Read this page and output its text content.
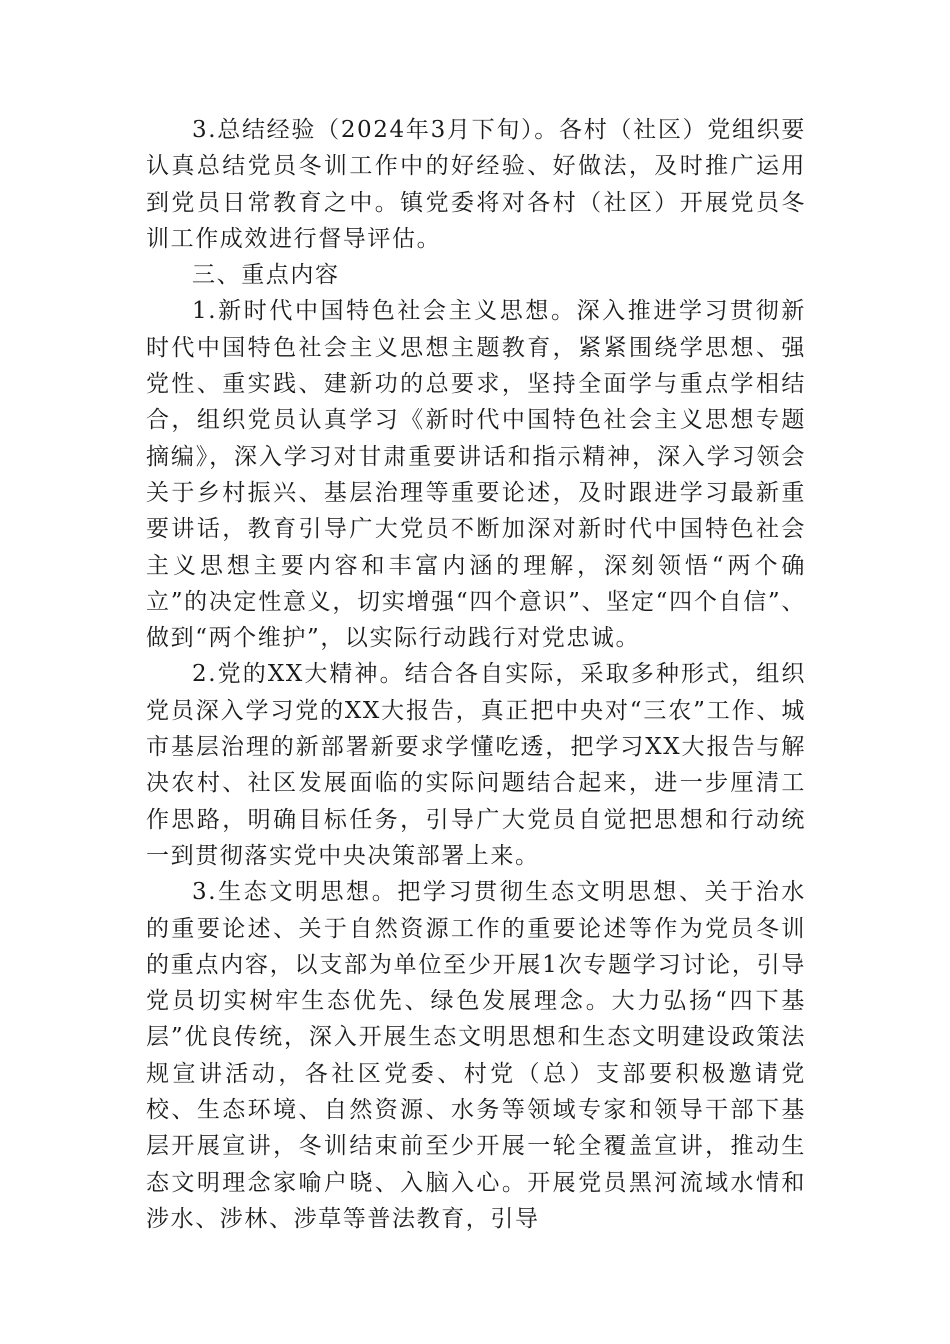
3.总结经验（2024年3月下旬）。各村（社区）党组织要认真总结党员冬训工作中的好经验、好做法，及时推广运用到党员日常教育之中。镇党委将对各村（社区）开展党员冬训工作成效进行督导评估。

三、重点内容

1.新时代中国特色社会主义思想。深入推进学习贯彻新时代中国特色社会主义思想主题教育，紧紧围绕学思想、强党性、重实践、建新功的总要求，坚持全面学与重点学相结合，组织党员认真学习《新时代中国特色社会主义思想专题摘编》，深入学习对甘肃重要讲话和指示精神，深入学习领会关于乡村振兴、基层治理等重要论述，及时跟进学习最新重要讲话，教育引导广大党员不断加深对新时代中国特色社会主义思想主要内容和丰富内涵的理解，深刻领悟“两个确立”的决定性意义，切实增强“四个意识”、坚定“四个自信”、做到“两个维护”，以实际行动践行对党忠诚。

2.党的XX大精神。结合各自实际，采取多种形式，组织党员深入学习党的XX大报告，真正把中央对“三农”工作、城市基层治理的新部署新要求学懂吃透，把学习XX大报告与解决农村、社区发展面临的实际问题结合起来，进一步厘清工作思路，明确目标任务，引导广大党员自觉把思想和行动统一到贯彻落实党中央决策部署上来。

3.生态文明思想。把学习贯彻生态文明思想、关于治水的重要论述、关于自然资源工作的重要论述等作为党员冬训的重点内容，以支部为单位至少开展1次专题学习讨论，引导党员切实树牢生态优先、绿色发展理念。大力弘扬“四下基层”优良传统，深入开展生态文明思想和生态文明建设政策法规宣讲活动，各社区党委、村党（总）支部要积极邀请党校、生态环境、自然资源、水务等领域专家和领导干部下基层开展宣讲，冬训结束前至少开展一轮全覆盖宣讲，推动生态文明理念家喻户晓、入脑入心。开展党员黑河流域水情和涉水、涉林、涉草等普法教育，引导
